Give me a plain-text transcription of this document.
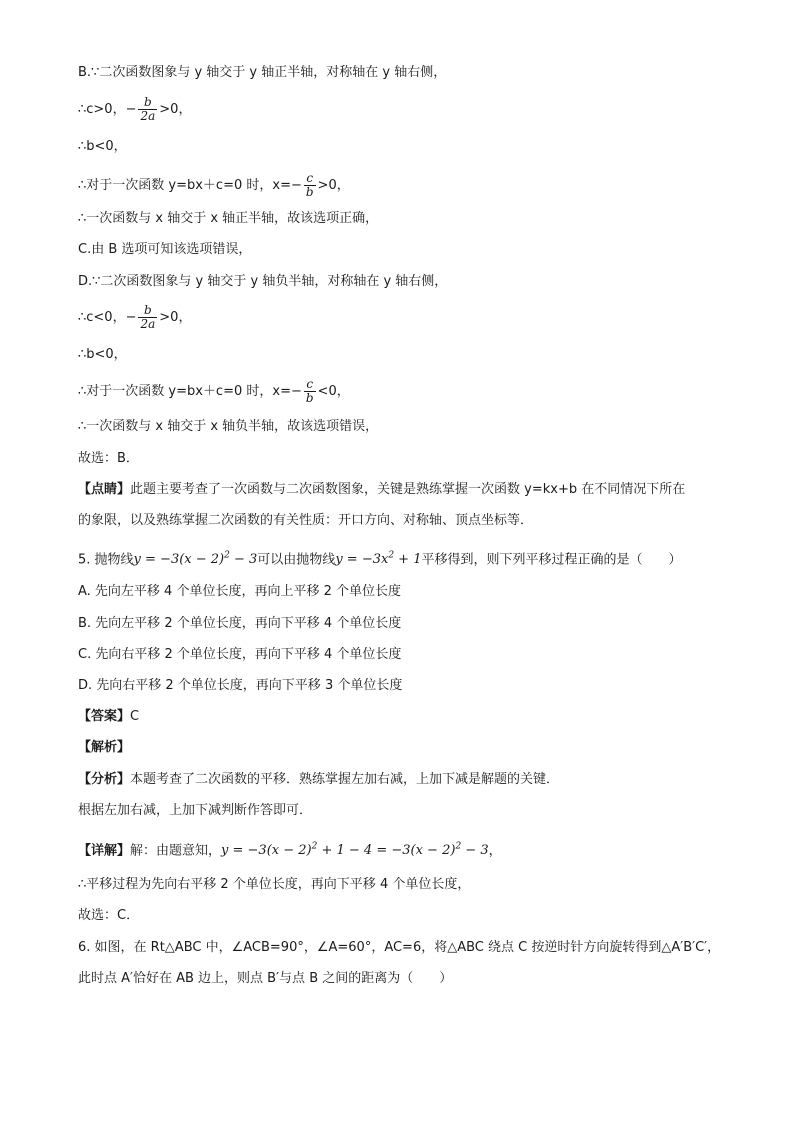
B.∵二次函数图象与 y 轴交于 y 轴正半轴，对称轴在 y 轴右侧，
∴c>0，− $\frac{b}{2a} >0$，
∴b<0，
∴对于一次函数 y=bx＋c=0 时，$x=- \frac{c}{b} >0$，
∴一次函数与 x 轴交于 x 轴正半轴，故该选项正确，
C.由 B 选项可知该选项错误，
D.∵二次函数图象与 y 轴交于 y 轴负半轴，对称轴在 y 轴右侧，
∴c<0，− $\frac{b}{2a} >0$，
∴b<0，
∴对于一次函数 y=bx＋c=0 时，$x=- \frac{c}{b} <0$，
∴一次函数与 x 轴交于 x 轴负半轴，故该选项错误，
故选：B．
【点睛】此题主要考查了一次函数与二次函数图象，关键是熟练掌握一次函数 y=kx+b 在不同情况下所在
的象限，以及熟练掌握二次函数的有关性质：开口方向、对称轴、顶点坐标等．
5. 抛物线$y = -3(x - 2)^2 - 3$可以由抛物线$y = -3x^2 + 1$平移得到，则下列平移过程正确的是（　　）
A. 先向左平移 4 个单位长度，再向上平移 2 个单位长度
B. 先向左平移 2 个单位长度，再向下平移 4 个单位长度
C. 先向右平移 2 个单位长度，再向下平移 4 个单位长度
D. 先向右平移 2 个单位长度，再向下平移 3 个单位长度
【答案】C
【解析】
【分析】本题考查了二次函数的平移．熟练掌握左加右减，上加下减是解题的关键．
根据左加右减，上加下减判断作答即可．
【详解】解：由题意知，$y = -3(x - 2)^2 + 1 - 4 = -3(x - 2)^2 - 3$，
∴平移过程为先向右平移 2 个单位长度，再向下平移 4 个单位长度，
故选：C．
6. 如图，在 Rt△ABC 中，∠ACB=90°，∠A=60°，AC=6，将△ABC 绕点 C 按逆时针方向旋转得到△A′B′C′，
此时点 A′恰好在 AB 边上，则点 B′与点 B 之间的距离为（　　）
